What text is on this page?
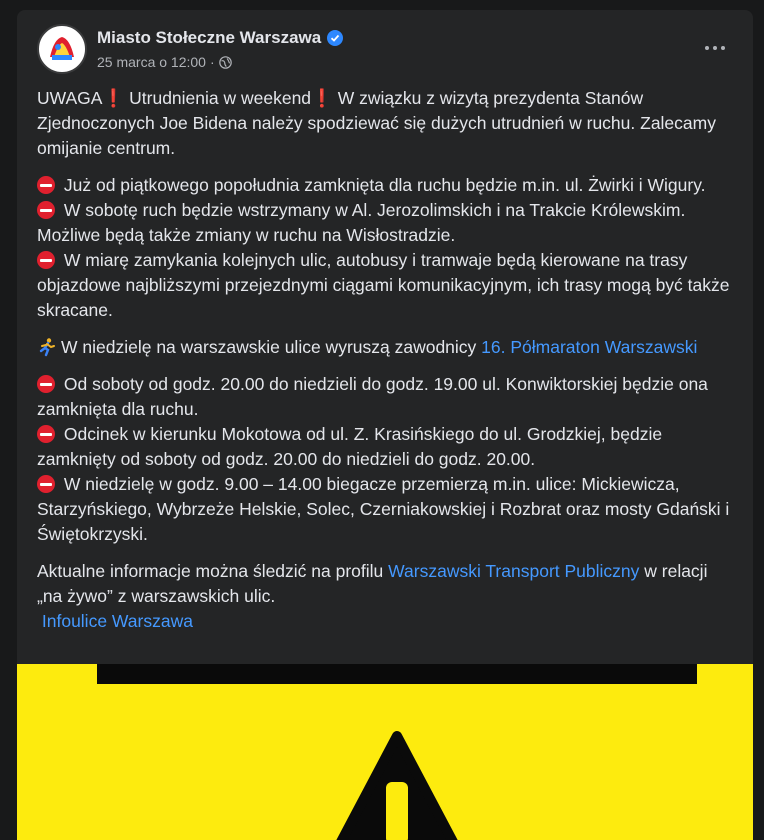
Miasto Stołeczne Warszawa
25 marca o 12:00 ·

UWAGA❗ Utrudnienia w weekend❗ W związku z wizytą prezydenta Stanów Zjednoczonych Joe Bidena należy spodziewać się dużych utrudnień w ruchu. Zalecamy omijanie centrum.

Już od piątkowego popołudnia zamknięta dla ruchu będzie m.in. ul. Żwirki i Wigury.
W sobotę ruch będzie wstrzymany w Al. Jerozolimskich i na Trakcie Królewskim. Możliwe będą także zmiany w ruchu na Wisłostradzie.
W miarę zamykania kolejnych ulic, autobusy i tramwaje będą kierowane na trasy objazdowe najbliższymi przejezdnymi ciągami komunikacyjnym, ich trasy mogą być także skracane.

W niedzielę na warszawskie ulice wyruszą zawodnicy 16. Półmaraton Warszawski

Od soboty od godz. 20.00 do niedzieli do godz. 19.00 ul. Konwiktorskiej będzie ona zamknięta dla ruchu.
Odcinek w kierunku Mokotowa od ul. Z. Krasińskiego do ul. Grodzkiej, będzie zamknięty od soboty od godz. 20.00 do niedzieli do godz. 20.00.
W niedzielę w godz. 9.00 – 14.00 biegacze przemierzą m.in. ulice: Mickiewicza, Starzyńskiego, Wybrzeże Helskie, Solec, Czerniakowskiej i Rozbrat oraz mosty Gdański i Świętokrzyski.

Aktualne informacje można śledzić na profilu Warszawski Transport Publiczny w relacji „na żywo” z warszawskich ulic.
Infoulice Warszawa
